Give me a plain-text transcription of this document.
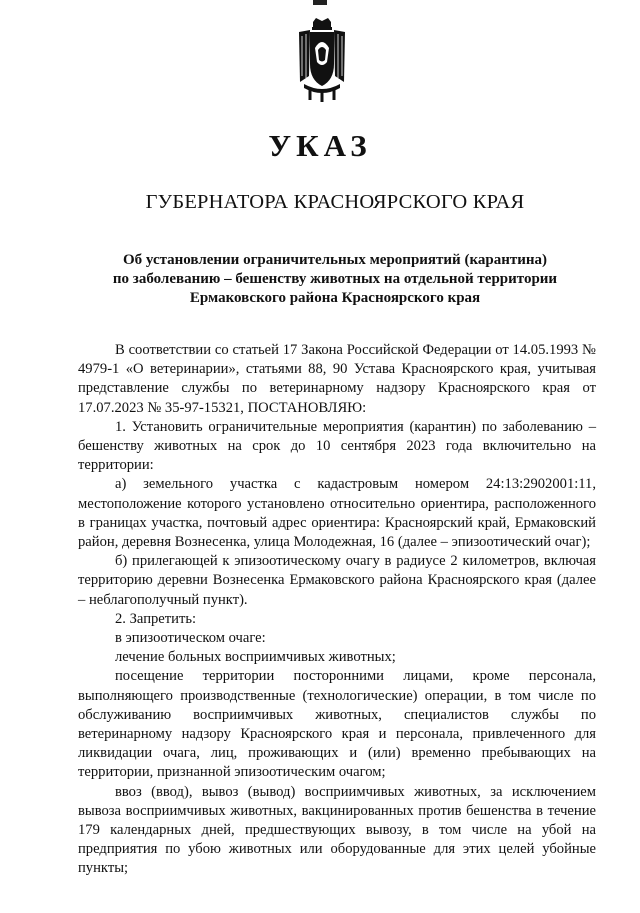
УКАЗ
ГУБЕРНАТОРА КРАСНОЯРСКОГО КРАЯ
Об установлении ограничительных мероприятий (карантина)
по заболеванию – бешенству животных на отдельной территории
Ермаковского района Красноярского края

В соответствии со статьей 17 Закона Российской Федерации от 14.05.1993 № 4979-1 «О ветеринарии», статьями 88, 90 Устава Красноярского края, учитывая представление службы по ветеринарному надзору Красноярского края от 17.07.2023 № 35-97-15321, ПОСТАНОВЛЯЮ:

1. Установить ограничительные мероприятия (карантин) по заболеванию – бешенству животных на срок до 10 сентября 2023 года включительно на территории:

а) земельного участка с кадастровым номером 24:13:2902001:11, местоположение которого установлено относительно ориентира, расположенного в границах участка, почтовый адрес ориентира: Красноярский край, Ермаковский район, деревня Вознесенка, улица Молодежная, 16 (далее – эпизоотический очаг);

б) прилегающей к эпизоотическому очагу в радиусе 2 километров, включая территорию деревни Вознесенка Ермаковского района Красноярского края (далее – неблагополучный пункт).

2. Запретить:

в эпизоотическом очаге:

лечение больных восприимчивых животных;

посещение территории посторонними лицами, кроме персонала, выполняющего производственные (технологические) операции, в том числе по обслуживанию восприимчивых животных, специалистов службы по ветеринарному надзору Красноярского края и персонала, привлеченного для ликвидации очага, лиц, проживающих и (или) временно пребывающих на территории, признанной эпизоотическим очагом;

ввоз (ввод), вывоз (вывод) восприимчивых животных, за исключением вывоза восприимчивых животных, вакцинированных против бешенства в течение 179 календарных дней, предшествующих вывозу, в том числе на убой на предприятия по убою животных или оборудованные для этих целей убойные пункты;
